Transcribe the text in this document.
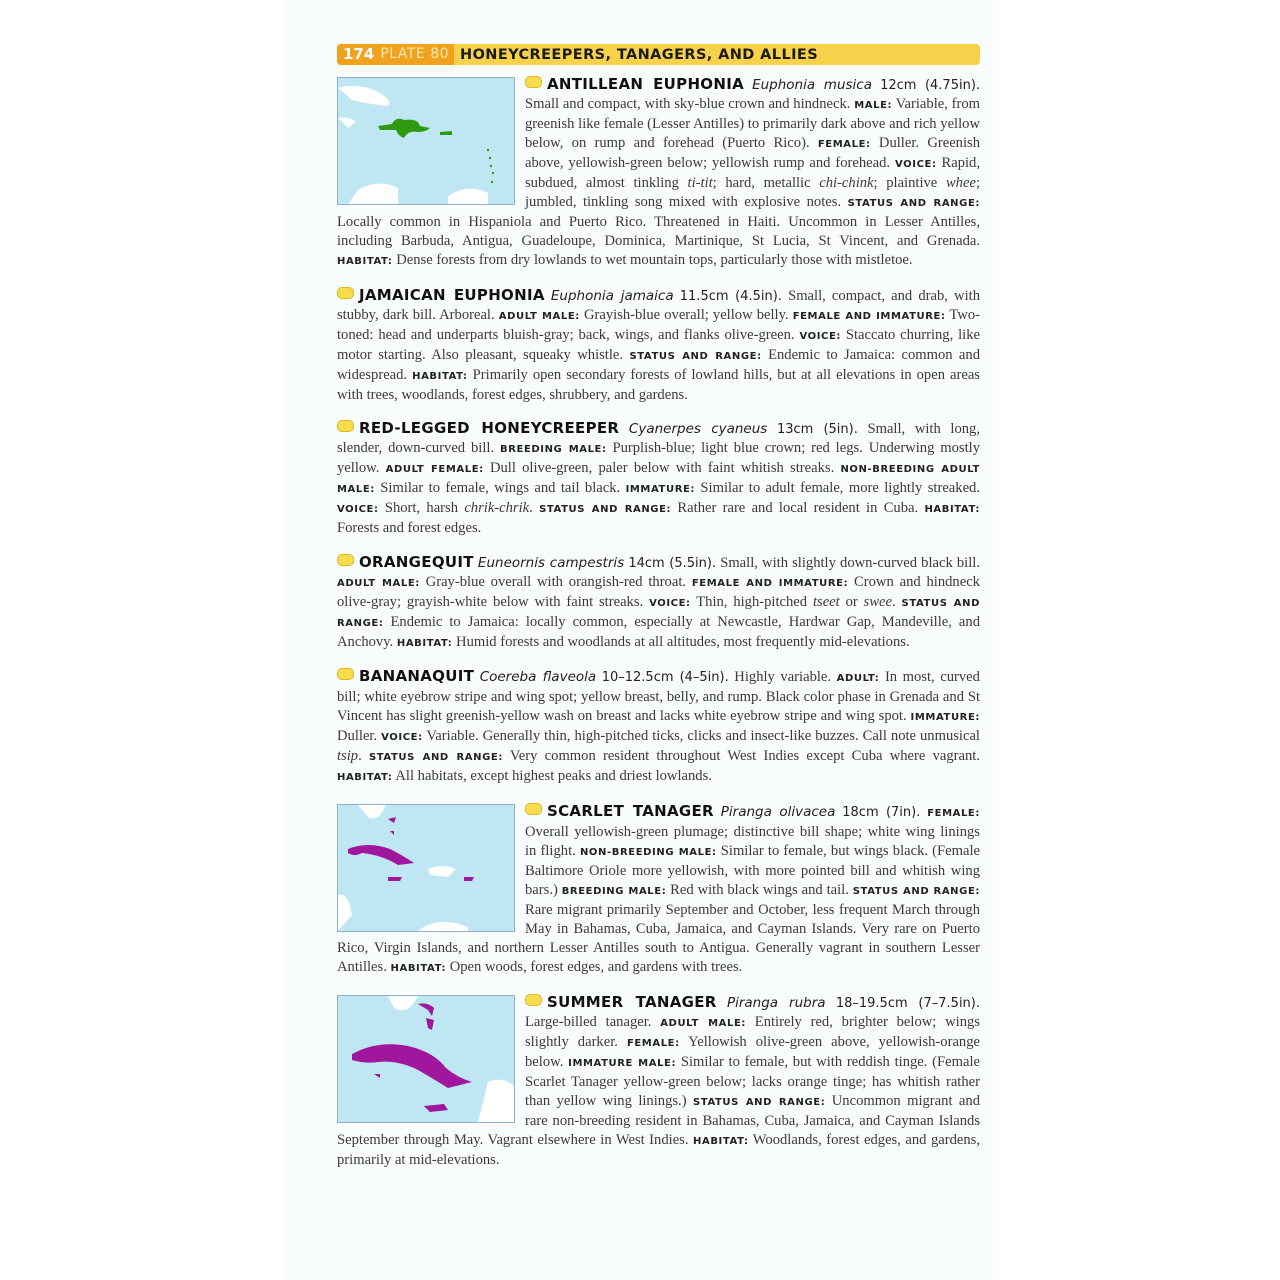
174 PLATE 80 HONEYCREEPERS, TANAGERS, AND ALLIES

ANTILLEAN EUPHONIA Euphonia musica 12cm (4.75in). Small and compact, with sky-blue crown and hindneck. MALE: Variable, from greenish like female (Lesser Antilles) to primarily dark above and rich yellow below, on rump and forehead (Puerto Rico). FEMALE: Duller. Greenish above, yellowish-green below; yellowish rump and forehead. VOICE: Rapid, subdued, almost tinkling ti-tit; hard, metallic chi-chink; plaintive whee; jumbled, tinkling song mixed with explosive notes. STATUS AND RANGE: Locally common in Hispaniola and Puerto Rico. Threatened in Haiti. Uncommon in Lesser Antilles, including Barbuda, Antigua, Guadeloupe, Dominica, Martinique, St Lucia, St Vincent, and Grenada. HABITAT: Dense forests from dry lowlands to wet mountain tops, particularly those with mistletoe.

JAMAICAN EUPHONIA Euphonia jamaica 11.5cm (4.5in). Small, compact, and drab, with stubby, dark bill. Arboreal. ADULT MALE: Grayish-blue overall; yellow belly. FEMALE AND IMMATURE: Two-toned: head and underparts bluish-gray; back, wings, and flanks olive-green. VOICE: Staccato churring, like motor starting. Also pleasant, squeaky whistle. STATUS AND RANGE: Endemic to Jamaica: common and widespread. HABITAT: Primarily open secondary forests of lowland hills, but at all elevations in open areas with trees, woodlands, forest edges, shrubbery, and gardens.

RED-LEGGED HONEYCREEPER Cyanerpes cyaneus 13cm (5in). Small, with long, slender, down-curved bill. BREEDING MALE: Purplish-blue; light blue crown; red legs. Underwing mostly yellow. ADULT FEMALE: Dull olive-green, paler below with faint whitish streaks. NON-BREEDING ADULT MALE: Similar to female, wings and tail black. IMMATURE: Similar to adult female, more lightly streaked. VOICE: Short, harsh chrik-chrik. STATUS AND RANGE: Rather rare and local resident in Cuba. HABITAT: Forests and forest edges.

ORANGEQUIT Euneornis campestris 14cm (5.5in). Small, with slightly down-curved black bill. ADULT MALE: Gray-blue overall with orangish-red throat. FEMALE AND IMMATURE: Crown and hindneck olive-gray; grayish-white below with faint streaks. VOICE: Thin, high-pitched tseet or swee. STATUS AND RANGE: Endemic to Jamaica: locally common, especially at Newcastle, Hardwar Gap, Mandeville, and Anchovy. HABITAT: Humid forests and woodlands at all altitudes, most frequently mid-elevations.

BANANAQUIT Coereba flaveola 10–12.5cm (4–5in). Highly variable. ADULT: In most, curved bill; white eyebrow stripe and wing spot; yellow breast, belly, and rump. Black color phase in Grenada and St Vincent has slight greenish-yellow wash on breast and lacks white eyebrow stripe and wing spot. IMMATURE: Duller. VOICE: Variable. Generally thin, high-pitched ticks, clicks and insect-like buzzes. Call note unmusical tsip. STATUS AND RANGE: Very common resident throughout West Indies except Cuba where vagrant. HABITAT: All habitats, except highest peaks and driest lowlands.

SCARLET TANAGER Piranga olivacea 18cm (7in). FEMALE: Overall yellowish-green plumage; distinctive bill shape; white wing linings in flight. NON-BREEDING MALE: Similar to female, but wings black. (Female Baltimore Oriole more yellowish, with more pointed bill and whitish wing bars.) BREEDING MALE: Red with black wings and tail. STATUS AND RANGE: Rare migrant primarily September and October, less frequent March through May in Bahamas, Cuba, Jamaica, and Cayman Islands. Very rare on Puerto Rico, Virgin Islands, and northern Lesser Antilles south to Antigua. Generally vagrant in southern Lesser Antilles. HABITAT: Open woods, forest edges, and gardens with trees.

SUMMER TANAGER Piranga rubra 18–19.5cm (7–7.5in). Large-billed tanager. ADULT MALE: Entirely red, brighter below; wings slightly darker. FEMALE: Yellowish olive-green above, yellowish-orange below. IMMATURE MALE: Similar to female, but with reddish tinge. (Female Scarlet Tanager yellow-green below; lacks orange tinge; has whitish rather than yellow wing linings.) STATUS AND RANGE: Uncommon migrant and rare non-breeding resident in Bahamas, Cuba, Jamaica, and Cayman Islands September through May. Vagrant elsewhere in West Indies. HABITAT: Woodlands, forest edges, and gardens, primarily at mid-elevations.
